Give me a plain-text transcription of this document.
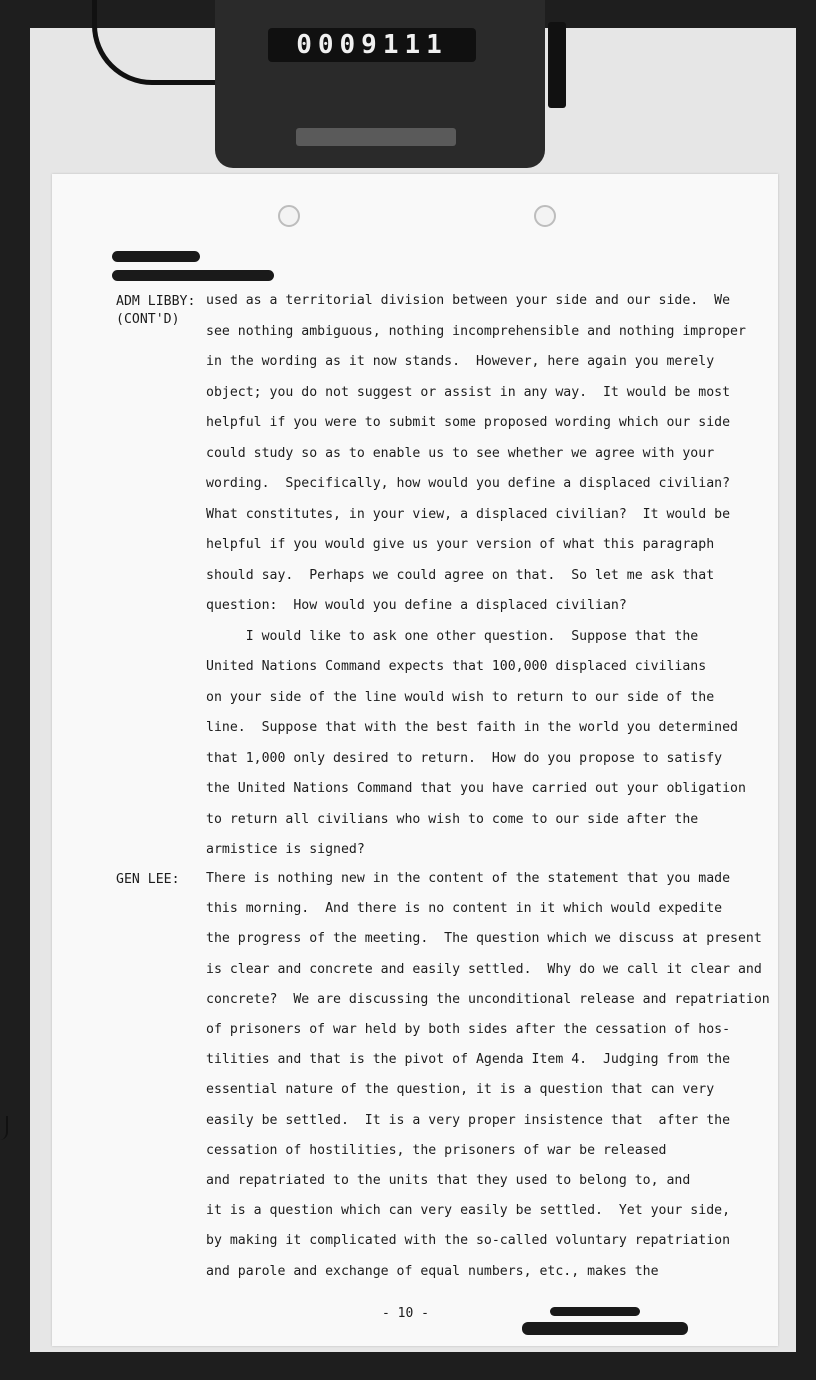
0009111
ADM LIBBY:
(CONT'D)
GEN LEE:
used as a territorial division between your side and our side.  We
see nothing ambiguous, nothing incomprehensible and nothing improper
in the wording as it now stands.  However, here again you merely
object; you do not suggest or assist in any way.  It would be most
helpful if you were to submit some proposed wording which our side
could study so as to enable us to see whether we agree with your
wording.  Specifically, how would you define a displaced civilian?
What constitutes, in your view, a displaced civilian?  It would be
helpful if you would give us your version of what this paragraph
should say.  Perhaps we could agree on that.  So let me ask that
question:  How would you define a displaced civilian?
I would like to ask one other question.  Suppose that the
United Nations Command expects that 100,000 displaced civilians
on your side of the line would wish to return to our side of the
line.  Suppose that with the best faith in the world you determined
that 1,000 only desired to return.  How do you propose to satisfy
the United Nations Command that you have carried out your obligation
to return all civilians who wish to come to our side after the
armistice is signed?
There is nothing new in the content of the statement that you made
this morning.  And there is no content in it which would expedite
the progress of the meeting.  The question which we discuss at present
is clear and concrete and easily settled.  Why do we call it clear and
concrete?  We are discussing the unconditional release and repatriation
of prisoners of war held by both sides after the cessation of hos-
tilities and that is the pivot of Agenda Item 4.  Judging from the
essential nature of the question, it is a question that can very
easily be settled.  It is a very proper insistence that  after the
cessation of hostilities, the prisoners of war be released
and repatriated to the units that they used to belong to, and
it is a question which can very easily be settled.  Yet your side,
by making it complicated with the so-called voluntary repatriation
and parole and exchange of equal numbers, etc., makes the
- 10 -
